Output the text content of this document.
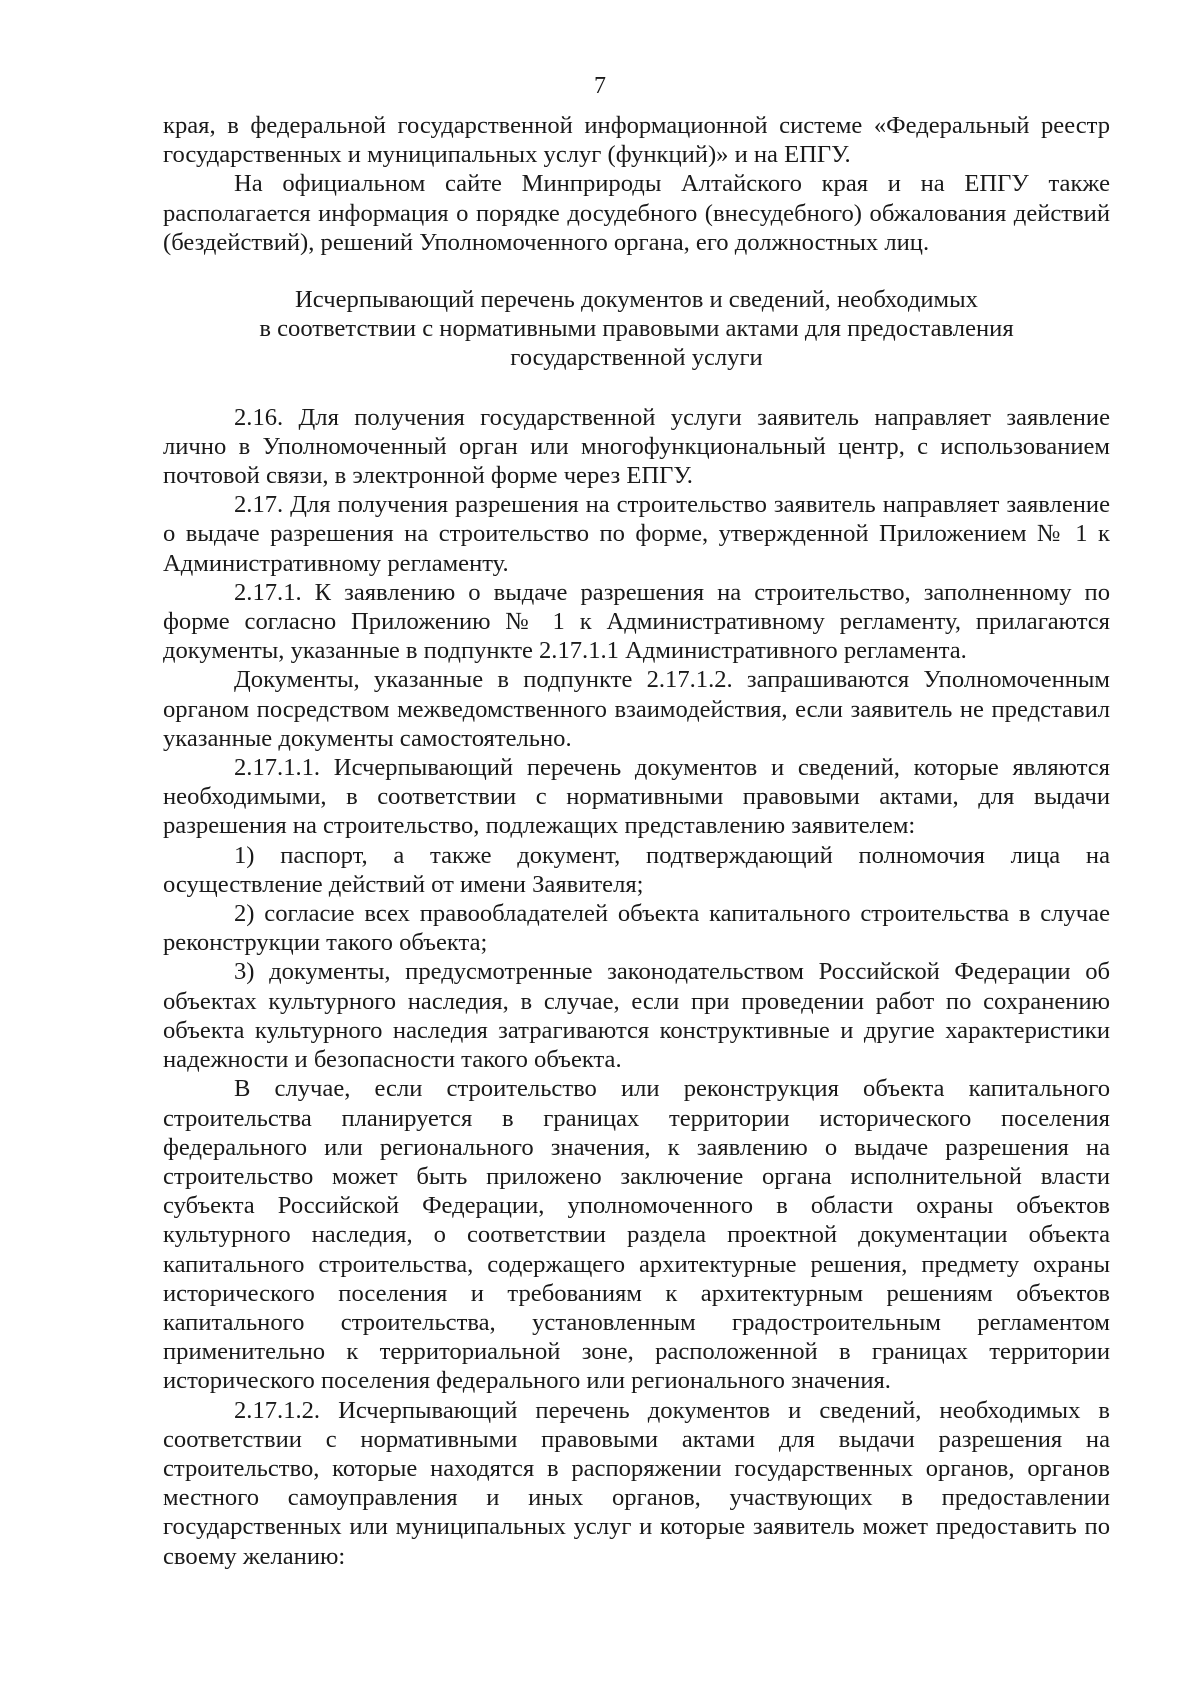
7

края, в федеральной государственной информационной системе «Федеральный реестр государственных и муниципальных услуг (функций)» и на ЕПГУ.

На официальном сайте Минприроды Алтайского края и на ЕПГУ также располагается информация о порядке досудебного (внесудебного) обжалования действий (бездействий), решений Уполномоченного органа, его должностных лиц.

Исчерпывающий перечень документов и сведений, необходимых
в соответствии с нормативными правовыми актами для предоставления
государственной услуги

2.16. Для получения государственной услуги заявитель направляет заявление лично в Уполномоченный орган или многофункциональный центр, с использованием почтовой связи, в электронной форме через ЕПГУ.

2.17. Для получения разрешения на строительство заявитель направляет заявление о выдаче разрешения на строительство по форме, утвержденной Приложением № 1 к Административному регламенту.

2.17.1. К заявлению о выдаче разрешения на строительство, заполненному по форме согласно Приложению № 1 к Административному регламенту, прилагаются документы, указанные в подпункте 2.17.1.1 Административного регламента.

Документы, указанные в подпункте 2.17.1.2. запрашиваются Уполномоченным органом посредством межведомственного взаимодействия, если заявитель не представил указанные документы самостоятельно.

2.17.1.1. Исчерпывающий перечень документов и сведений, которые являются необходимыми, в соответствии с нормативными правовыми актами, для выдачи разрешения на строительство, подлежащих представлению заявителем:

1) паспорт, а также документ, подтверждающий полномочия лица на осуществление действий от имени Заявителя;

2) согласие всех правообладателей объекта капитального строительства в случае реконструкции такого объекта;

3) документы, предусмотренные законодательством Российской Федерации об объектах культурного наследия, в случае, если при проведении работ по сохранению объекта культурного наследия затрагиваются конструктивные и другие характеристики надежности и безопасности такого объекта.

В случае, если строительство или реконструкция объекта капитального строительства планируется в границах территории исторического поселения федерального или регионального значения, к заявлению о выдаче разрешения на строительство может быть приложено заключение органа исполнительной власти субъекта Российской Федерации, уполномоченного в области охраны объектов культурного наследия, о соответствии раздела проектной документации объекта капитального строительства, содержащего архитектурные решения, предмету охраны исторического поселения и требованиям к архитектурным решениям объектов капитального строительства, установленным градостроительным регламентом применительно к территориальной зоне, расположенной в границах территории исторического поселения федерального или регионального значения.

2.17.1.2. Исчерпывающий перечень документов и сведений, необходимых в соответствии с нормативными правовыми актами для выдачи разрешения на строительство, которые находятся в распоряжении государственных органов, органов местного самоуправления и иных органов, участвующих в предоставлении государственных или муниципальных услуг и которые заявитель может предоставить по своему желанию:
